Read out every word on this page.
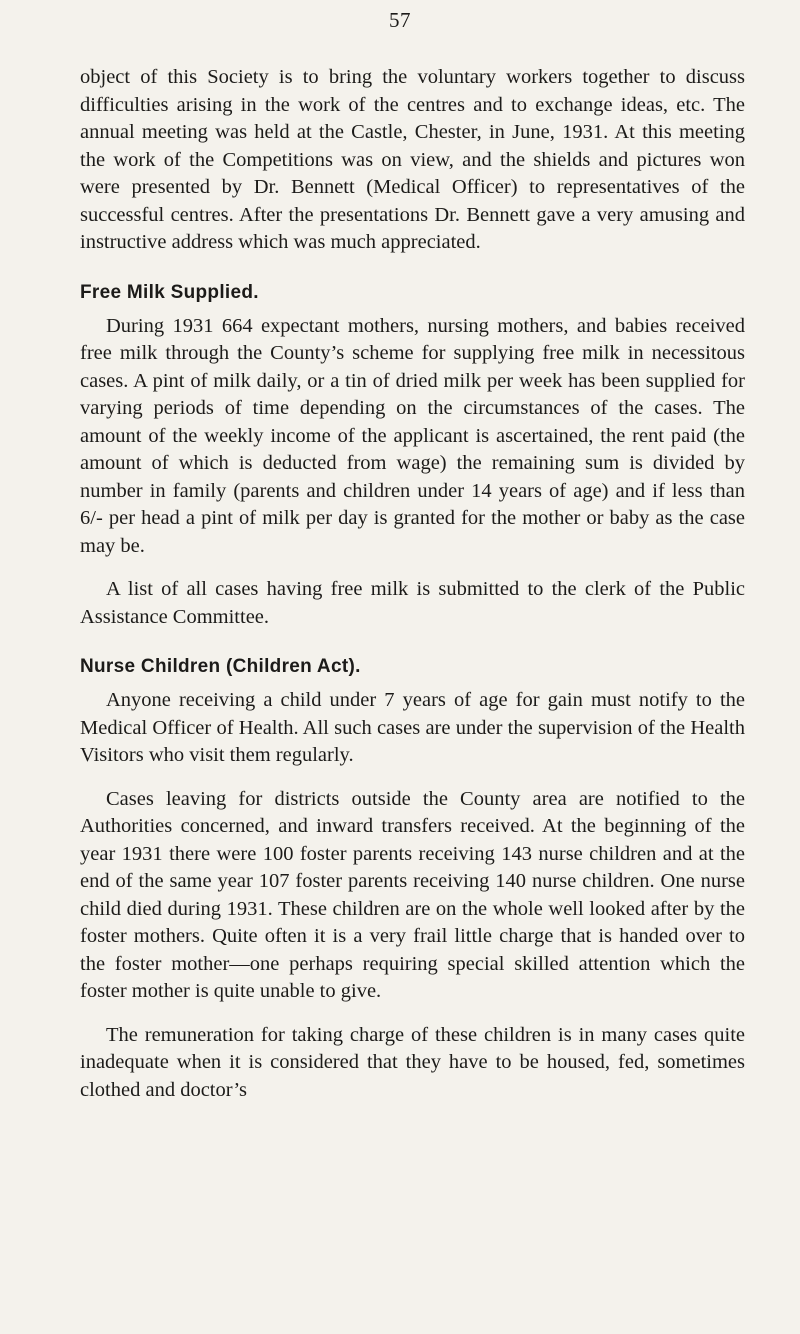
57

object of this Society is to bring the voluntary workers together to discuss difficulties arising in the work of the centres and to exchange ideas, etc. The annual meeting was held at the Castle, Chester, in June, 1931. At this meeting the work of the Competitions was on view, and the shields and pictures won were presented by Dr. Bennett (Medical Officer) to representatives of the successful centres. After the presentations Dr. Bennett gave a very amusing and instructive address which was much appreciated.

Free Milk Supplied.

During 1931 664 expectant mothers, nursing mothers, and babies received free milk through the County’s scheme for supplying free milk in necessitous cases. A pint of milk daily, or a tin of dried milk per week has been supplied for varying periods of time depending on the circumstances of the cases. The amount of the weekly income of the applicant is ascertained, the rent paid (the amount of which is deducted from wage) the remaining sum is divided by number in family (parents and children under 14 years of age) and if less than 6/- per head a pint of milk per day is granted for the mother or baby as the case may be.

A list of all cases having free milk is submitted to the clerk of the Public Assistance Committee.

Nurse Children (Children Act).

Anyone receiving a child under 7 years of age for gain must notify to the Medical Officer of Health. All such cases are under the supervision of the Health Visitors who visit them regularly.

Cases leaving for districts outside the County area are notified to the Authorities concerned, and inward transfers received. At the beginning of the year 1931 there were 100 foster parents receiving 143 nurse children and at the end of the same year 107 foster parents receiving 140 nurse children. One nurse child died during 1931. These children are on the whole well looked after by the foster mothers. Quite often it is a very frail little charge that is handed over to the foster mother—one perhaps requiring special skilled attention which the foster mother is quite unable to give.

The remuneration for taking charge of these children is in many cases quite inadequate when it is considered that they have to be housed, fed, sometimes clothed and doctor’s
